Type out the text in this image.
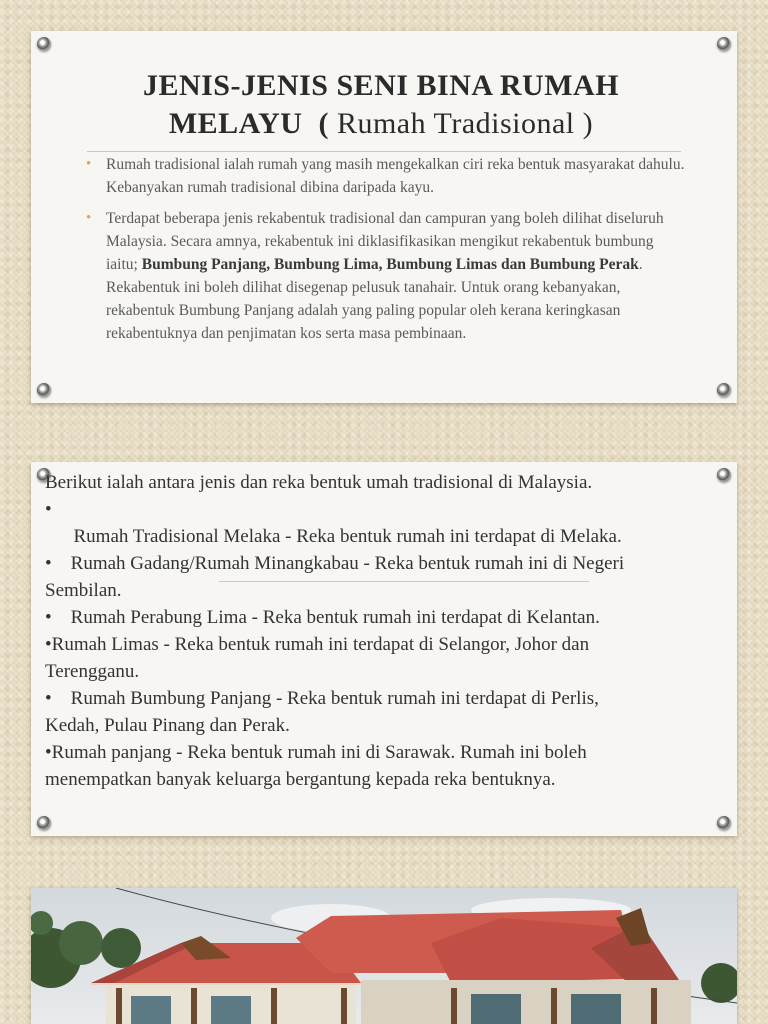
JENIS-JENIS SENI BINA RUMAH MELAYU ( Rumah Tradisional )
• Rumah tradisional ialah rumah yang masih mengekalkan ciri reka bentuk masyarakat dahulu. Kebanyakan rumah tradisional dibina daripada kayu.
• Terdapat beberapa jenis rekabentuk tradisional dan campuran yang boleh dilihat diseluruh Malaysia. Secara amnya, rekabentuk ini diklasifikasikan mengikut rekabentuk bumbung iaitu; Bumbung Panjang, Bumbung Lima, Bumbung Limas dan Bumbung Perak. Rekabentuk ini boleh dilihat disegenap pelusuk tanahair. Untuk orang kebanyakan, rekabentuk Bumbung Panjang adalah yang paling popular oleh kerana keringkasan rekabentuknya dan penjimatan kos serta masa pembinaan.
Berikut ialah antara jenis dan reka bentuk umah tradisional di Malaysia.
•
Rumah Tradisional Melaka - Reka bentuk rumah ini terdapat di Melaka.
•    Rumah Gadang/Rumah Minangkabau - Reka bentuk rumah ini di Negeri
Sembilan.
•    Rumah Perabung Lima - Reka bentuk rumah ini terdapat di Kelantan.
•Rumah Limas - Reka bentuk rumah ini terdapat di Selangor, Johor dan
Terengganu.
•    Rumah Bumbung Panjang - Reka bentuk rumah ini terdapat di Perlis,
Kedah, Pulau Pinang dan Perak.
•Rumah panjang - Reka bentuk rumah ini di Sarawak. Rumah ini boleh
menempatkan banyak keluarga bergantung kepada reka bentuknya.
